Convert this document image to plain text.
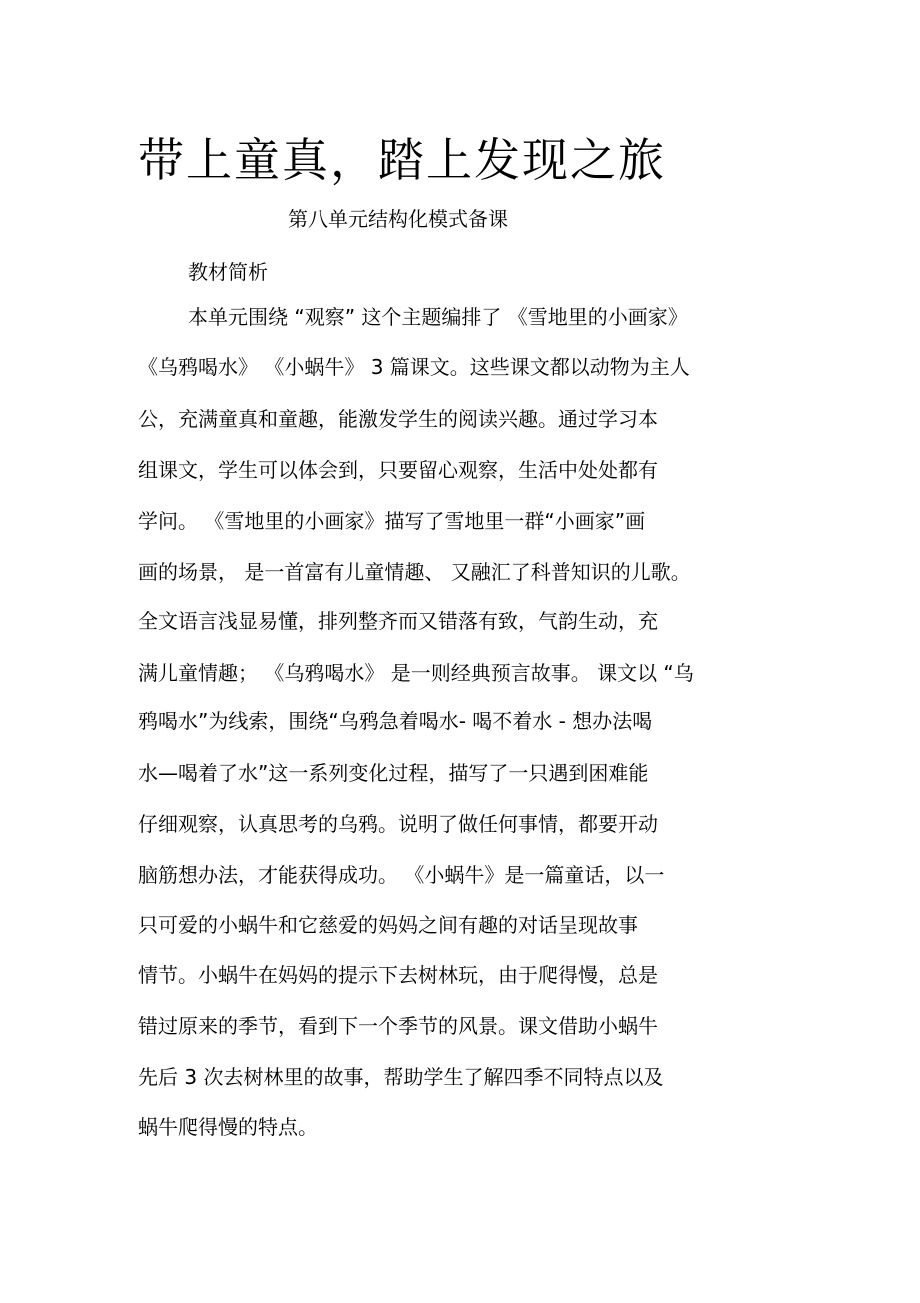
带上童真，踏上发现之旅
第八单元结构化模式备课
教材简析
本单元围绕 “观察” 这个主题编排了 《雪地里的小画家》
《乌鸦喝水》 《小蜗牛》 3 篇课文。这些课文都以动物为主人
公，充满童真和童趣，能激发学生的阅读兴趣。通过学习本
组课文，学生可以体会到，只要留心观察，生活中处处都有
学问。 《雪地里的小画家》描写了雪地里一群“小画家”画
画的场景， 是一首富有儿童情趣、 又融汇了科普知识的儿歌。
全文语言浅显易懂，排列整齐而又错落有致，气韵生动，充
满儿童情趣； 《乌鸦喝水》 是一则经典预言故事。 课文以 “乌
鸦喝水”为线索，围绕“乌鸦急着喝水- 喝不着水 - 想办法喝
水—喝着了水”这一系列变化过程，描写了一只遇到困难能
仔细观察，认真思考的乌鸦。说明了做任何事情，都要开动
脑筋想办法，才能获得成功。 《小蜗牛》是一篇童话，以一
只可爱的小蜗牛和它慈爱的妈妈之间有趣的对话呈现故事
情节。小蜗牛在妈妈的提示下去树林玩，由于爬得慢，总是
错过原来的季节，看到下一个季节的风景。课文借助小蜗牛
先后 3 次去树林里的故事，帮助学生了解四季不同特点以及
蜗牛爬得慢的特点。
